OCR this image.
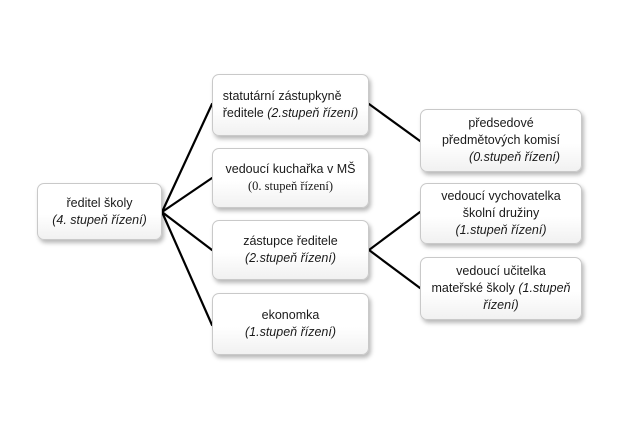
ředitel školy
(4. stupeň řízení)
statutární zástupkyně
ředitele (2.stupeň řízení)
vedoucí kuchařka v MŠ
(0. stupeň řízení)
zástupce ředitele
(2.stupeň řízení)
ekonomka
(1.stupeň řízení)
předsedové
předmětových komisí
(0.stupeň řízení)
vedoucí vychovatelka
školní družiny
(1.stupeň řízení)
vedoucí učitelka
mateřské školy (1.stupeň
řízení)
